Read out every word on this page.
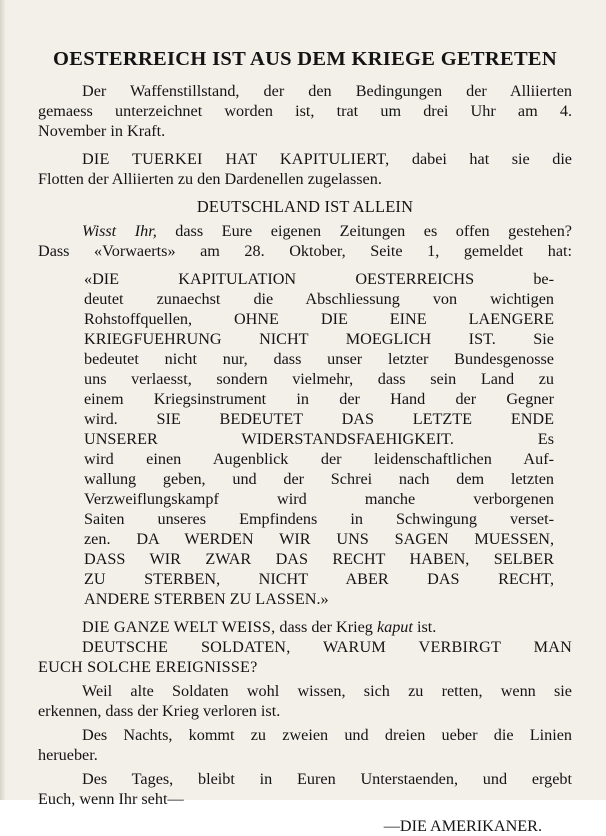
OESTERREICH IST AUS DEM KRIEGE GETRETEN

Der Waffenstillstand, der den Bedingungen der Alliierten
gemaess unterzeichnet worden ist, trat um drei Uhr am 4.
November in Kraft.

DIE TUERKEI HAT KAPITULIERT, dabei hat sie die
Flotten der Alliierten zu den Dardenellen zugelassen.

DEUTSCHLAND IST ALLEIN

Wisst Ihr, dass Eure eigenen Zeitungen es offen gestehen?
Dass «Vorwaerts» am 28. Oktober, Seite 1, gemeldet hat:

«DIE KAPITULATION OESTERREICHS be-
deutet zunaechst die Abschliessung von wichtigen
Rohstoffquellen, OHNE DIE EINE LAENGERE
KRIEGFUEHRUNG NICHT MOEGLICH IST. Sie
bedeutet nicht nur, dass unser letzter Bundesgenosse
uns verlaesst, sondern vielmehr, dass sein Land zu
einem Kriegsinstrument in der Hand der Gegner
wird. SIE BEDEUTET DAS LETZTE ENDE
UNSERER WIDERSTANDSFAEHIGKEIT. Es
wird einen Augenblick der leidenschaftlichen Auf-
wallung geben, und der Schrei nach dem letzten
Verzweiflungskampf wird manche verborgenen
Saiten unseres Empfindens in Schwingung verset-
zen. DA WERDEN WIR UNS SAGEN MUESSEN,
DASS WIR ZWAR DAS RECHT HABEN, SELBER
ZU STERBEN, NICHT ABER DAS RECHT,
ANDERE STERBEN ZU LASSEN.»

DIE GANZE WELT WEISS, dass der Krieg kaput ist.

DEUTSCHE SOLDATEN, WARUM VERBIRGT MAN
EUCH SOLCHE EREIGNISSE?

Weil alte Soldaten wohl wissen, sich zu retten, wenn sie
erkennen, dass der Krieg verloren ist.

Des Nachts, kommt zu zweien und dreien ueber die Linien
herueber.

Des Tages, bleibt in Euren Unterstaenden, und ergebt
Euch, wenn Ihr seht—

—DIE AMERIKANER.
